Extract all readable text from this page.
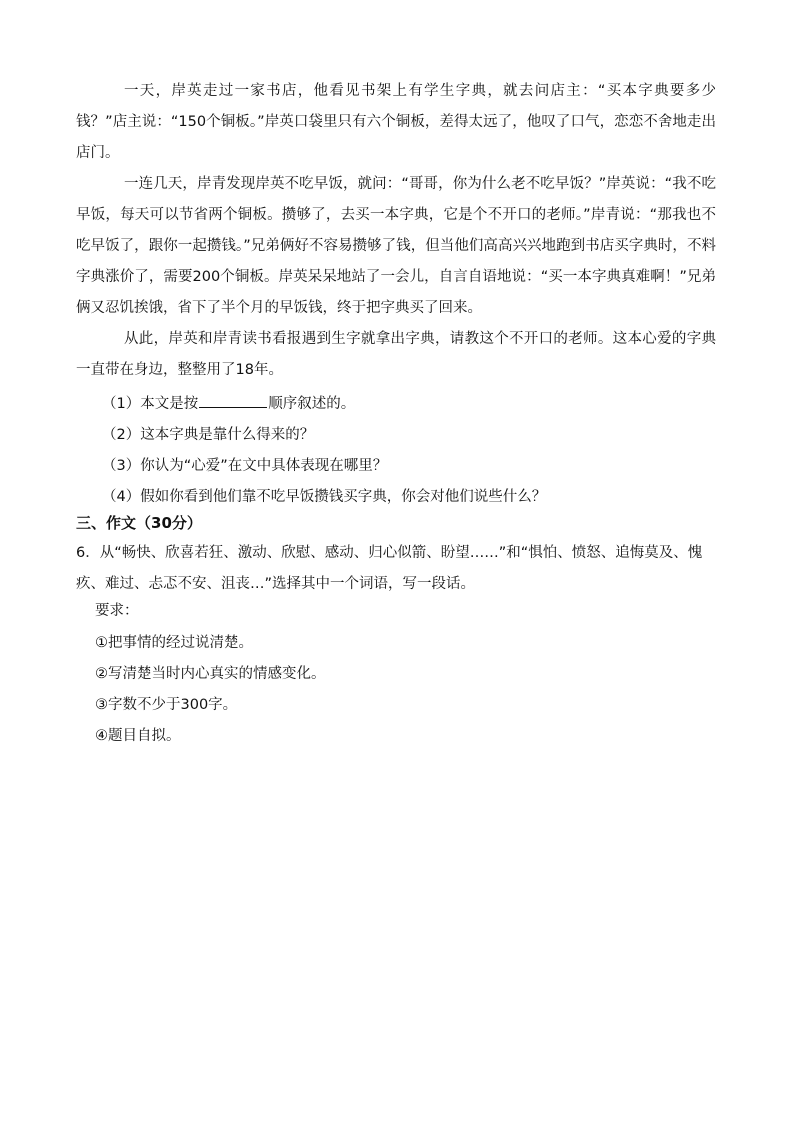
一天，岸英走过一家书店，他看见书架上有学生字典，就去问店主：“买本字典要多少钱？”店主说：“150个铜板。”岸英口袋里只有六个铜板，差得太远了，他叹了口气，恋恋不舍地走出店门。

一连几天，岸青发现岸英不吃早饭，就问：“哥哥，你为什么老不吃早饭？”岸英说：“我不吃早饭，每天可以节省两个铜板。攒够了，去买一本字典，它是个不开口的老师。”岸青说：“那我也不吃早饭了，跟你一起攒钱。”兄弟俩好不容易攒够了钱，但当他们高高兴兴地跑到书店买字典时，不料字典涨价了，需要200个铜板。岸英呆呆地站了一会儿，自言自语地说：“买一本字典真难啊！”兄弟俩又忍饥挨饿，省下了半个月的早饭钱，终于把字典买了回来。

从此，岸英和岸青读书看报遇到生字就拿出字典，请教这个不开口的老师。这本心爱的字典一直带在身边，整整用了18年。

（1）本文是按	顺序叙述的。

（2）这本字典是靠什么得来的？

（3）你认为“心爱”在文中具体表现在哪里？

（4）假如你看到他们靠不吃早饭攒钱买字典，你会对他们说些什么？

三、作文（30分）

6．从“畅快、欣喜若狂、激动、欣慰、感动、归心似箭、盼望……”和“惧怕、愤怒、追悔莫及、愧疚、难过、忐忑不安、沮丧…”选择其中一个词语，写一段话。

要求：

①把事情的经过说清楚。

②写清楚当时内心真实的情感变化。

③字数不少于300字。

④题目自拟。
